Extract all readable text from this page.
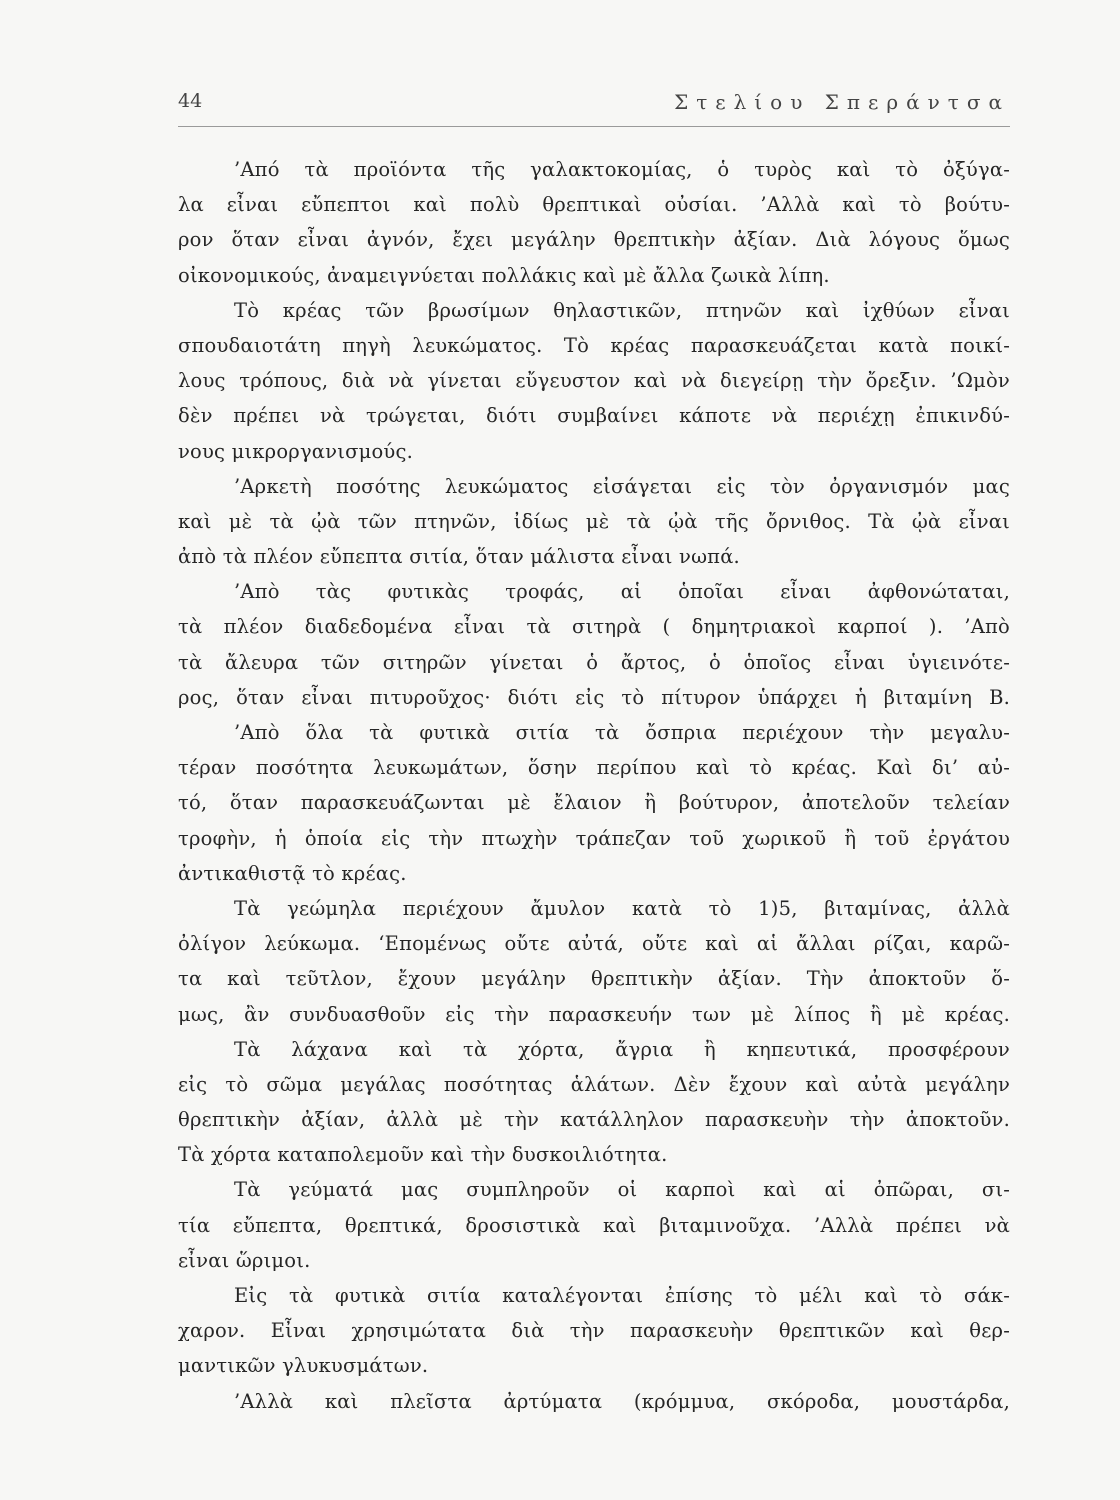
44	Στελίου Σπεράντσα
’Από τὰ προϊόντα τῆς γαλακτοκομίας, ὁ τυρὸς καὶ τὸ ὀξύγα-
λα εἶναι εὔπεπτοι καὶ πολὺ θρεπτικαὶ οὐσίαι. ’Αλλὰ καὶ τὸ βούτυ-
ρον ὅταν εἶναι ἀγνόν, ἔχει μεγάλην θρεπτικὴν ἀξίαν. Διὰ λόγους ὅμως
οἰκονομικούς, ἀναμειγνύεται πολλάκις καὶ μὲ ἄλλα ζωικὰ λίπη.
Τὸ κρέας τῶν βρωσίμων θηλαστικῶν, πτηνῶν καὶ ἰχθύων εἶναι
σπουδαιοτάτη πηγὴ λευκώματος. Τὸ κρέας παρασκευάζεται κατὰ ποικί-
λους τρόπους, διὰ νὰ γίνεται εὔγευστον καὶ νὰ διεγείρῃ τὴν ὄρεξιν. ’Ωμὸν
δὲν πρέπει νὰ τρώγεται, διότι συμβαίνει κάποτε νὰ περιέχῃ ἐπικινδύ-
νους μικροργανισμούς.
’Αρκετὴ ποσότης λευκώματος εἰσάγεται εἰς τὸν ὀργανισμόν μας
καὶ μὲ τὰ ᾠὰ τῶν πτηνῶν, ἰδίως μὲ τὰ ᾠὰ τῆς ὄρνιθος. Τὰ ᾠὰ εἶναι
ἀπὸ τὰ πλέον εὔπεπτα σιτία, ὅταν μάλιστα εἶναι νωπά.
’Απὸ τὰς φυτικὰς τροφάς, αἱ ὁποῖαι εἶναι ἀφθονώταται,
τὰ πλέον διαδεδομένα εἶναι τὰ σιτηρὰ ( δημητριακοὶ καρποί ). ’Απὸ
τὰ ἄλευρα τῶν σιτηρῶν γίνεται ὁ ἄρτος, ὁ ὁποῖος εἶναι ὑγιεινότε-
ρος, ὅταν εἶναι πιτυροῦχος· διότι εἰς τὸ πίτυρον ὑπάρχει ἡ βιταμίνη Β.
’Απὸ ὅλα τὰ φυτικὰ σιτία τὰ ὄσπρια περιέχουν τὴν μεγαλυ-
τέραν ποσότητα λευκωμάτων, ὅσην περίπου καὶ τὸ κρέας. Καὶ δι’ αὐ-
τό, ὅταν παρασκευάζωνται μὲ ἔλαιον ἢ βούτυρον, ἀποτελοῦν τελείαν
τροφὴν, ἡ ὁποία εἰς τὴν πτωχὴν τράπεζαν τοῦ χωρικοῦ ἢ τοῦ ἐργάτου
ἀντικαθιστᾷ τὸ κρέας.
Τὰ γεώμηλα περιέχουν ἄμυλον κατὰ τὸ 1)5, βιταμίνας, ἀλλὰ
ὀλίγον λεύκωμα. ‘Επομένως οὔτε αὐτά, οὔτε καὶ αἱ ἄλλαι ρίζαι, καρῶ-
τα καὶ τεῦτλον, ἔχουν μεγάλην θρεπτικὴν ἀξίαν. Τὴν ἀποκτοῦν ὅ-
μως, ἂν συνδυασθοῦν εἰς τὴν παρασκευήν των μὲ λίπος ἢ μὲ κρέας.
Τὰ λάχανα καὶ τὰ χόρτα, ἄγρια ἢ κηπευτικά, προσφέρουν
εἰς τὸ σῶμα μεγάλας ποσότητας ἁλάτων. Δὲν ἔχουν καὶ αὐτὰ μεγάλην
θρεπτικὴν ἀξίαν, ἀλλὰ μὲ τὴν κατάλληλον παρασκευὴν τὴν ἀποκτοῦν.
Τὰ χόρτα καταπολεμοῦν καὶ τὴν δυσκοιλιότητα.
Τὰ γεύματά μας συμπληροῦν οἱ καρποὶ καὶ αἱ ὀπῶραι, σι-
τία εὔπεπτα, θρεπτικά, δροσιστικὰ καὶ βιταμινοῦχα. ’Αλλὰ πρέπει νὰ
εἶναι ὥριμοι.
Εἰς τὰ φυτικὰ σιτία καταλέγονται ἐπίσης τὸ μέλι καὶ τὸ σάκ-
χαρον. Εἶναι χρησιμώτατα διὰ τὴν παρασκευὴν θρεπτικῶν καὶ θερ-
μαντικῶν γλυκυσμάτων.
’Αλλὰ καὶ πλεῖστα ἀρτύματα (κρόμμυα, σκόροδα, μουστάρδα,
